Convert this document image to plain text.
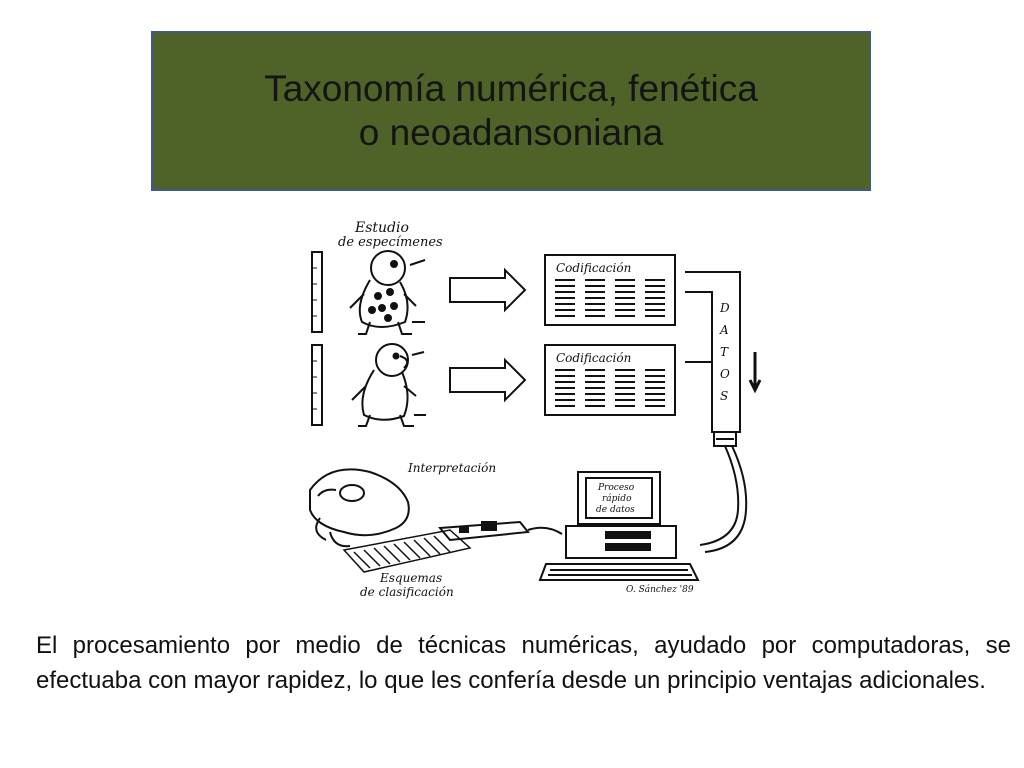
Taxonomía numérica, fenética
o neoadansoniana
Estudio
de especímenes
Codificación
Codificación
D
A
T
O
S
Interpretación
Esquemas
de clasificación
Proceso
rápido
de datos
O. Sánchez '89
El procesamiento por medio de técnicas numéricas, ayudado por computadoras, se efectuaba con mayor rapidez, lo que les confería desde un principio ventajas adicionales.
